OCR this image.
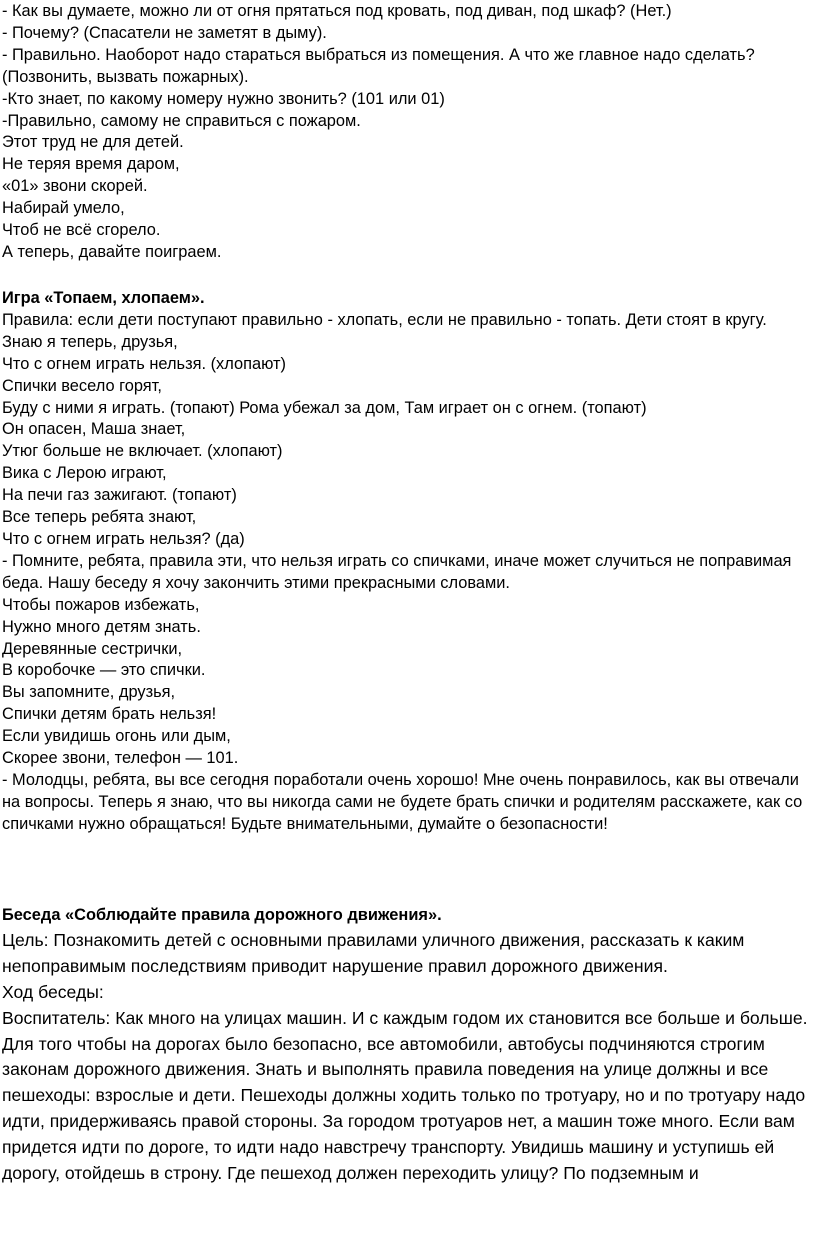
- Как вы думаете, можно ли от огня прятаться под кровать, под диван, под шкаф? (Нет.)
- Почему? (Спасатели не заметят в дыму).
- Правильно. Наоборот надо стараться выбраться из помещения. А что же главное надо сделать? (Позвонить, вызвать пожарных).
-Кто знает, по какому номеру нужно звонить? (101 или 01)
-Правильно, самому не справиться с пожаром.
Этот труд не для детей.
Не теряя время даром,
«01» звони скорей.
Набирай умело,
Чтоб не всё сгорело.
А теперь, давайте поиграем.
Игра «Топаем, хлопаем».
Правила: если дети поступают правильно - хлопать, если не правильно - топать. Дети стоят в кругу.
Знаю я теперь, друзья,
Что с огнем играть нельзя. (хлопают)
Спички весело горят,
Буду с ними я играть. (топают) Рома убежал за дом, Там играет он с огнем. (топают)
Он опасен, Маша знает,
Утюг больше не включает. (хлопают)
Вика с Лерою играют,
На печи газ зажигают. (топают)
Все теперь ребята знают,
Что с огнем играть нельзя? (да)
- Помните, ребята, правила эти, что нельзя играть со спичками, иначе может случиться не поправимая беда. Нашу беседу я хочу закончить этими прекрасными словами.
Чтобы пожаров избежать,
Нужно много детям знать.
Деревянные сестрички,
В коробочке — это спички.
Вы запомните, друзья,
Спички детям брать нельзя!
Если увидишь огонь или дым,
Скорее звони, телефон — 101.
- Молодцы, ребята, вы все сегодня поработали очень хорошо! Мне очень понравилось, как вы отвечали на вопросы. Теперь я знаю, что вы никогда сами не будете брать спички и родителям расскажете, как со спичками нужно обращаться! Будьте внимательными, думайте о безопасности!
Беседа «Соблюдайте правила дорожного движения».
Цель: Познакомить детей с основными правилами уличного движения, рассказать к каким непоправимым последствиям приводит нарушение правил дорожного движения.
Ход беседы:
Воспитатель: Как много на улицах машин. И с каждым годом их становится все больше и больше. Для того чтобы на дорогах было безопасно, все автомобили, автобусы подчиняются строгим законам дорожного движения. Знать и выполнять правила поведения на улице должны и все пешеходы: взрослые и дети. Пешеходы должны ходить только по тротуару, но и по тротуару надо идти, придерживаясь правой стороны. За городом тротуаров нет, а машин тоже много. Если вам придется идти по дороге, то идти надо навстречу транспорту. Увидишь машину и уступишь ей дорогу, отойдешь в строну. Где пешеход должен переходить улицу? По подземным и
